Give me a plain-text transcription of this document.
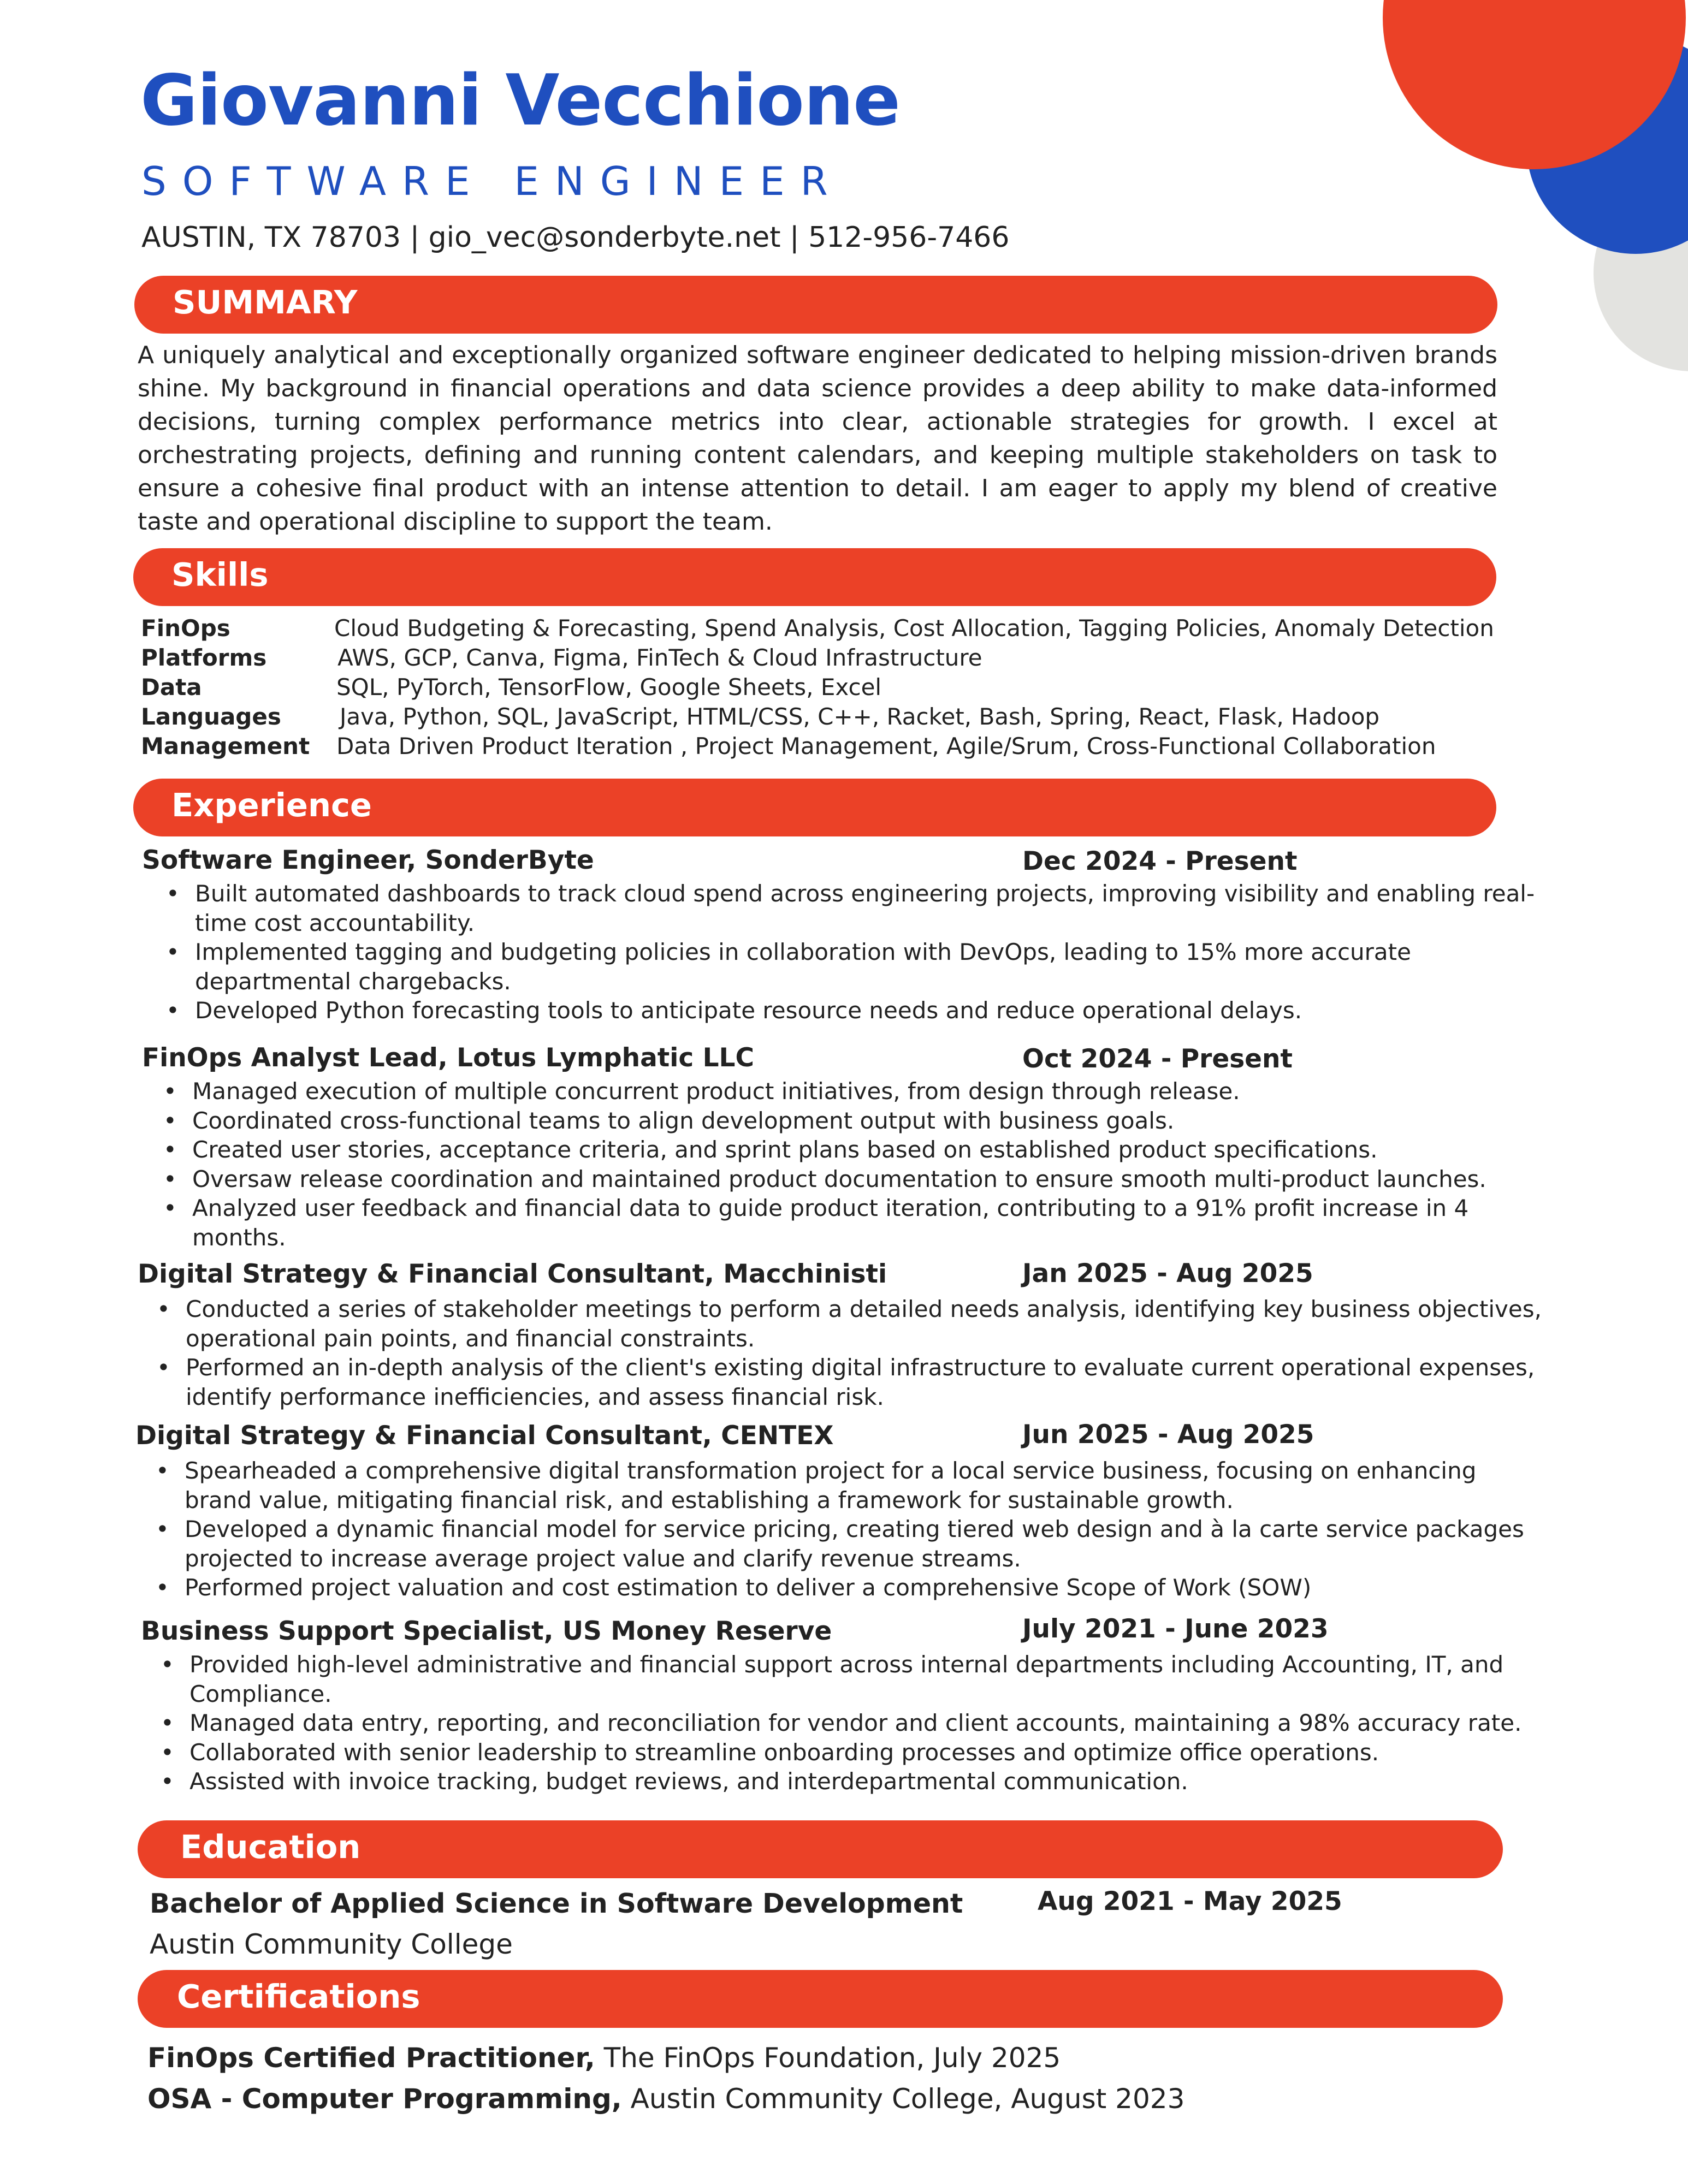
Giovanni Vecchione
SOFTWARE ENGINEER
AUSTIN, TX 78703 | gio_vec@sonderbyte.net | 512-956-7466
SUMMARY
A uniquely analytical and exceptionally organized software engineer dedicated to helping mission-driven brands shine. My background in financial operations and data science provides a deep ability to make data-informed decisions, turning complex performance metrics into clear, actionable strategies for growth. I excel at orchestrating projects, defining and running content calendars, and keeping multiple stakeholders on task to ensure a cohesive final product with an intense attention to detail. I am eager to apply my blend of creative taste and operational discipline to support the team.
Skills
FinOps	Cloud Budgeting & Forecasting, Spend Analysis, Cost Allocation, Tagging Policies, Anomaly Detection
Platforms	AWS, GCP, Canva, Figma, FinTech & Cloud Infrastructure
Data	SQL, PyTorch, TensorFlow, Google Sheets, Excel
Languages	Java, Python, SQL, JavaScript, HTML/CSS, C++, Racket, Bash, Spring, React, Flask, Hadoop
Management Data Driven Product Iteration , Project Management, Agile/Srum, Cross-Functional Collaboration
Experience
Software Engineer, SonderByte	Dec 2024 - Present
• Built automated dashboards to track cloud spend across engineering projects, improving visibility and enabling real-time cost accountability.
• Implemented tagging and budgeting policies in collaboration with DevOps, leading to 15% more accurate departmental chargebacks.
• Developed Python forecasting tools to anticipate resource needs and reduce operational delays.
FinOps Analyst Lead, Lotus Lymphatic LLC	Oct 2024 - Present
• Managed execution of multiple concurrent product initiatives, from design through release.
• Coordinated cross-functional teams to align development output with business goals.
• Created user stories, acceptance criteria, and sprint plans based on established product specifications.
• Oversaw release coordination and maintained product documentation to ensure smooth multi-product launches.
• Analyzed user feedback and financial data to guide product iteration, contributing to a 91% profit increase in 4 months.
Digital Strategy & Financial Consultant, Macchinisti	Jan 2025 - Aug 2025
• Conducted a series of stakeholder meetings to perform a detailed needs analysis, identifying key business objectives, operational pain points, and financial constraints.
• Performed an in-depth analysis of the client's existing digital infrastructure to evaluate current operational expenses, identify performance inefficiencies, and assess financial risk.
Digital Strategy & Financial Consultant, CENTEX	Jun 2025 - Aug 2025
• Spearheaded a comprehensive digital transformation project for a local service business, focusing on enhancing brand value, mitigating financial risk, and establishing a framework for sustainable growth.
• Developed a dynamic financial model for service pricing, creating tiered web design and à la carte service packages projected to increase average project value and clarify revenue streams.
• Performed project valuation and cost estimation to deliver a comprehensive Scope of Work (SOW)
Business Support Specialist, US Money Reserve	July 2021 - June 2023
• Provided high-level administrative and financial support across internal departments including Accounting, IT, and Compliance.
• Managed data entry, reporting, and reconciliation for vendor and client accounts, maintaining a 98% accuracy rate.
• Collaborated with senior leadership to streamline onboarding processes and optimize office operations.
• Assisted with invoice tracking, budget reviews, and interdepartmental communication.
Education
Bachelor of Applied Science in Software Development	Aug 2021 - May 2025
Austin Community College
Certifications
FinOps Certified Practitioner, The FinOps Foundation, July 2025
OSA - Computer Programming, Austin Community College, August 2023
